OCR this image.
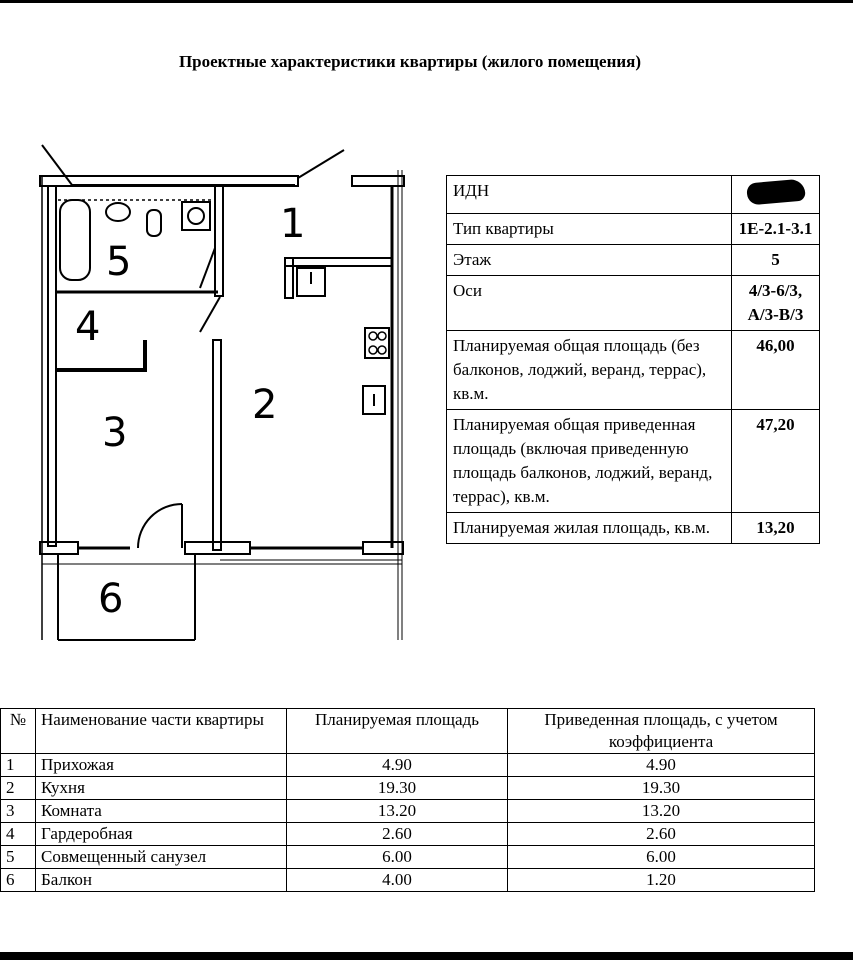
Проектные характеристики квартиры (жилого помещения)
1
2
3
4
5
6
ИДН	
Тип квартиры	1Е-2.1-3.1
Этаж	5
Оси	4/3-6/3, А/3-В/3
Планируемая общая площадь (без балконов, лоджий, веранд, террас), кв.м.	46,00
Планируемая общая приведенная площадь (включая приведенную площадь балконов, лоджий, веранд, террас), кв.м.	47,20
Планируемая жилая площадь, кв.м.	13,20
№	Наименование части квартиры	Планируемая площадь	Приведенная площадь, с учетом коэффициента
1	Прихожая	4.90	4.90
2	Кухня	19.30	19.30
3	Комната	13.20	13.20
4	Гардеробная	2.60	2.60
5	Совмещенный санузел	6.00	6.00
6	Балкон	4.00	1.20
